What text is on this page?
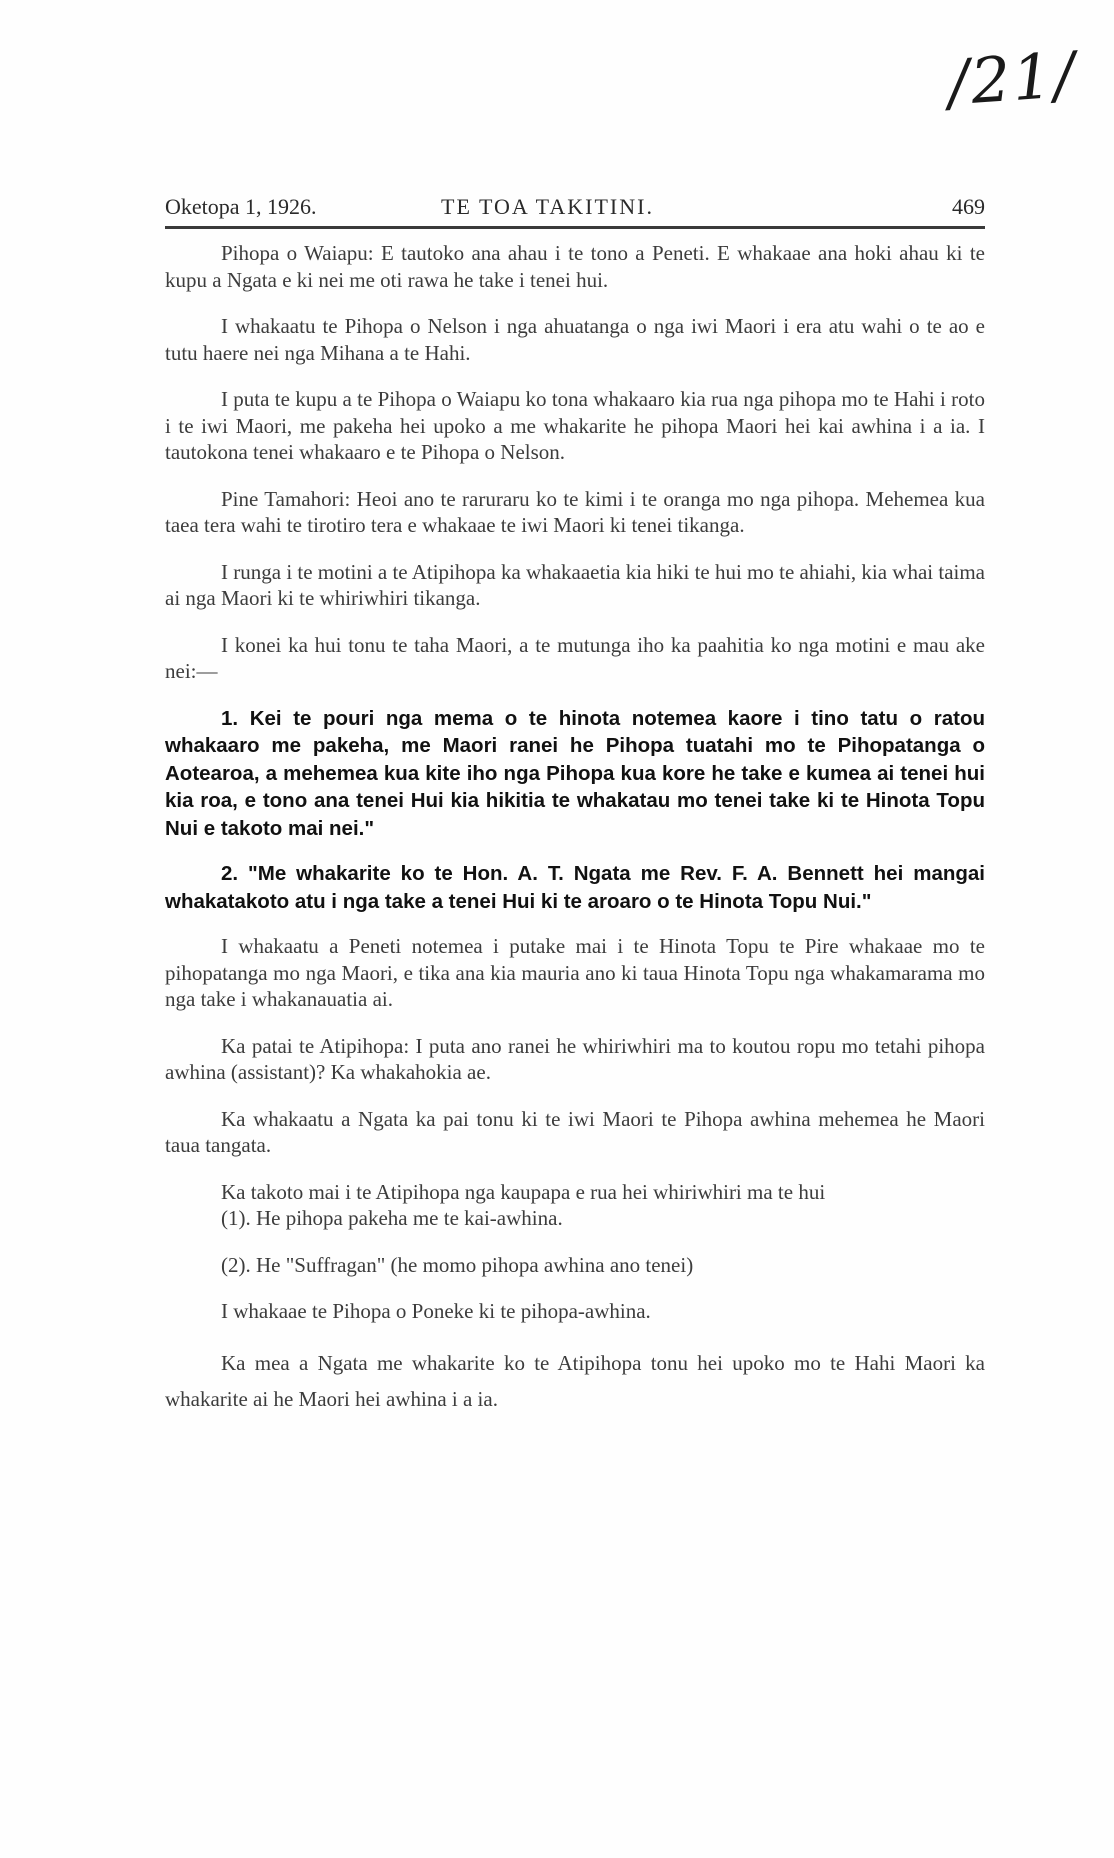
/21/
Oketopa 1, 1926.	TE TOA TAKITINI.	469

Pihopa o Waiapu: E tautoko ana ahau i te tono a Peneti. E whakaae ana hoki ahau ki te kupu a Ngata e ki nei me oti rawa he take i tenei hui.

I whakaatu te Pihopa o Nelson i nga ahuatanga o nga iwi Maori i era atu wahi o te ao e tutu haere nei nga Mihana a te Hahi.

I puta te kupu a te Pihopa o Waiapu ko tona whakaaro kia rua nga pihopa mo te Hahi i roto i te iwi Maori, me pakeha hei upoko a me whakarite he pihopa Maori hei kai awhina i a ia. I tautokona tenei whakaaro e te Pihopa o Nelson.

Pine Tamahori: Heoi ano te raruraru ko te kimi i te oranga mo nga pihopa. Mehemea kua taea tera wahi te tirotiro tera e whakaae te iwi Maori ki tenei tikanga.

I runga i te motini a te Atipihopa ka whakaaetia kia hiki te hui mo te ahiahi, kia whai taima ai nga Maori ki te whiriwhiri tikanga.

I konei ka hui tonu te taha Maori, a te mutunga iho ka paahitia ko nga motini e mau ake nei:—

1. Kei te pouri nga mema o te hinota notemea kaore i tino tatu o ratou whakaaro me pakeha, me Maori ranei he Pihopa tuatahi mo te Pihopatanga o Aotearoa, a mehemea kua kite iho nga Pihopa kua kore he take e kumea ai tenei hui kia roa, e tono ana tenei Hui kia hikitia te whakatau mo tenei take ki te Hinota Topu Nui e takoto mai nei."

2. "Me whakarite ko te Hon. A. T. Ngata me Rev. F. A. Bennett hei mangai whakatakoto atu i nga take a tenei Hui ki te aroaro o te Hinota Topu Nui."

I whakaatu a Peneti notemea i putake mai i te Hinota Topu te Pire whakaae mo te pihopatanga mo nga Maori, e tika ana kia mauria ano ki taua Hinota Topu nga whakamarama mo nga take i whakanauatia ai.

Ka patai te Atipihopa: I puta ano ranei he whiriwhiri ma to koutou ropu mo tetahi pihopa awhina (assistant)? Ka whakahokia ae.

Ka whakaatu a Ngata ka pai tonu ki te iwi Maori te Pihopa awhina mehemea he Maori taua tangata.

Ka takoto mai i te Atipihopa nga kaupapa e rua hei whiriwhiri ma te hui

(1). He pihopa pakeha me te kai-awhina.

(2). He "Suffragan" (he momo pihopa awhina ano tenei)

I whakaae te Pihopa o Poneke ki te pihopa-awhina.

Ka mea a Ngata me whakarite ko te Atipihopa tonu hei upoko mo te Hahi Maori ka whakarite ai he Maori hei awhina i a ia.
